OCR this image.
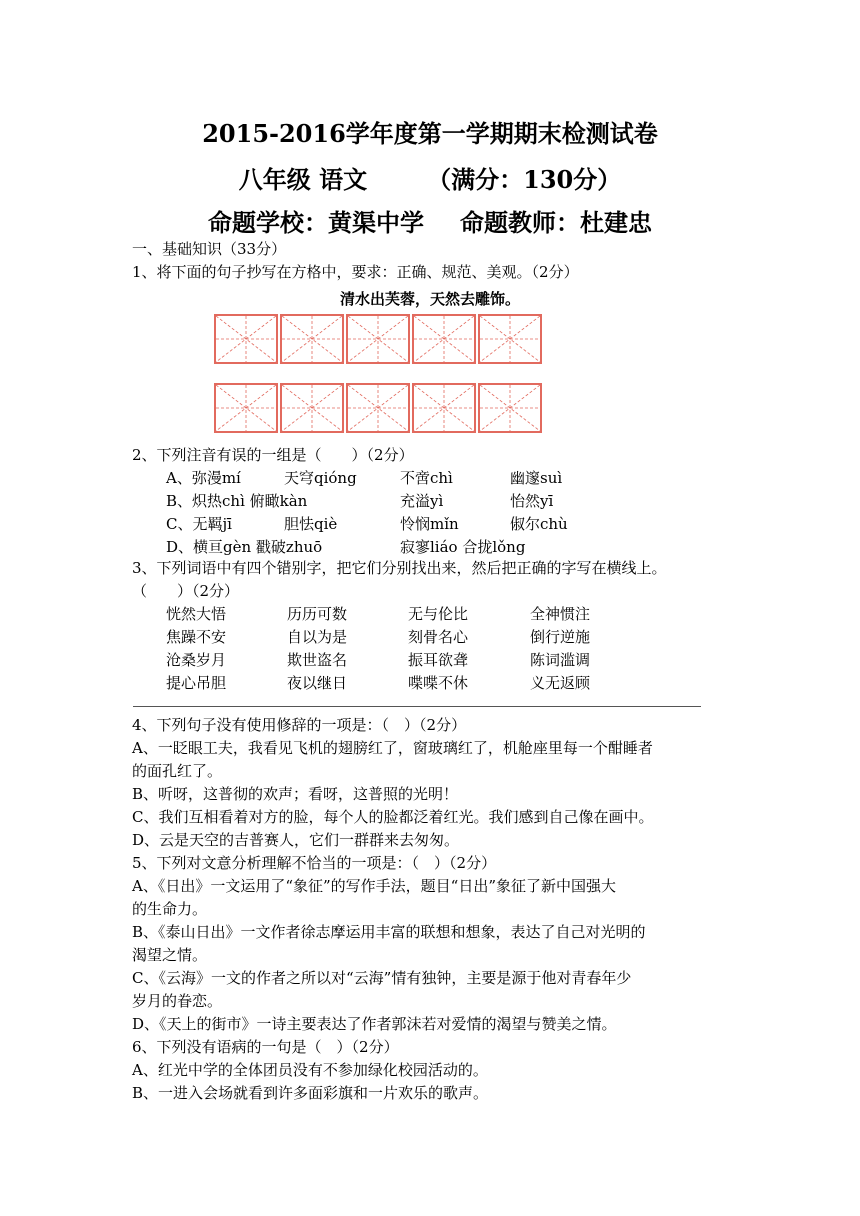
2015-2016学年度第一学期期末检测试卷
八年级 语文	（满分：130分）
命题学校：黄渠中学 命题教师：杜建忠
一、基础知识（33分）
1、将下面的句子抄写在方格中，要求：正确、规范、美观。（2分）
清水出芙蓉，天然去雕饰。
2、下列注音有误的一组是（　　）（2分）
A、弥漫mí	天穹qióng	不啻chì	幽邃suì
B、炽热chì 俯瞰kàn	充溢yì	怡然yī
C、无羁jī	胆怯qiè	怜悯mǐn	俶尔chù
D、横亘gèn 戳破zhuō	寂寥liáo 合拢lǒng
3、下列词语中有四个错别字，把它们分别找出来，然后把正确的字写在横线上。
（　　）（2分）
恍然大悟	历历可数	无与伦比	全神惯注
焦躁不安	自以为是	刻骨名心	倒行逆施
沧桑岁月	欺世盗名	振耳欲聋	陈词滥调
提心吊胆	夜以继日	喋喋不休	义无返顾
4、下列句子没有使用修辞的一项是：（　）（2分）
A、一眨眼工夫，我看见飞机的翅膀红了，窗玻璃红了，机舱座里每一个酣睡者
的面孔红了。
B、听呀，这普彻的欢声；看呀，这普照的光明！
C、我们互相看着对方的脸，每个人的脸都泛着红光。我们感到自己像在画中。
D、云是天空的吉普赛人，它们一群群来去匆匆。
5、下列对文意分析理解不恰当的一项是：（　）（2分）
A、《日出》一文运用了“象征”的写作手法，题目“日出”象征了新中国强大
的生命力。
B、《泰山日出》一文作者徐志摩运用丰富的联想和想象，表达了自己对光明的
渴望之情。
C、《云海》一文的作者之所以对“云海”情有独钟，主要是源于他对青春年少
岁月的眷恋。
D、《天上的街市》一诗主要表达了作者郭沫若对爱情的渴望与赞美之情。
6、下列没有语病的一句是（　）（2分）
A、红光中学的全体团员没有不参加绿化校园活动的。
B、一进入会场就看到许多面彩旗和一片欢乐的歌声。
